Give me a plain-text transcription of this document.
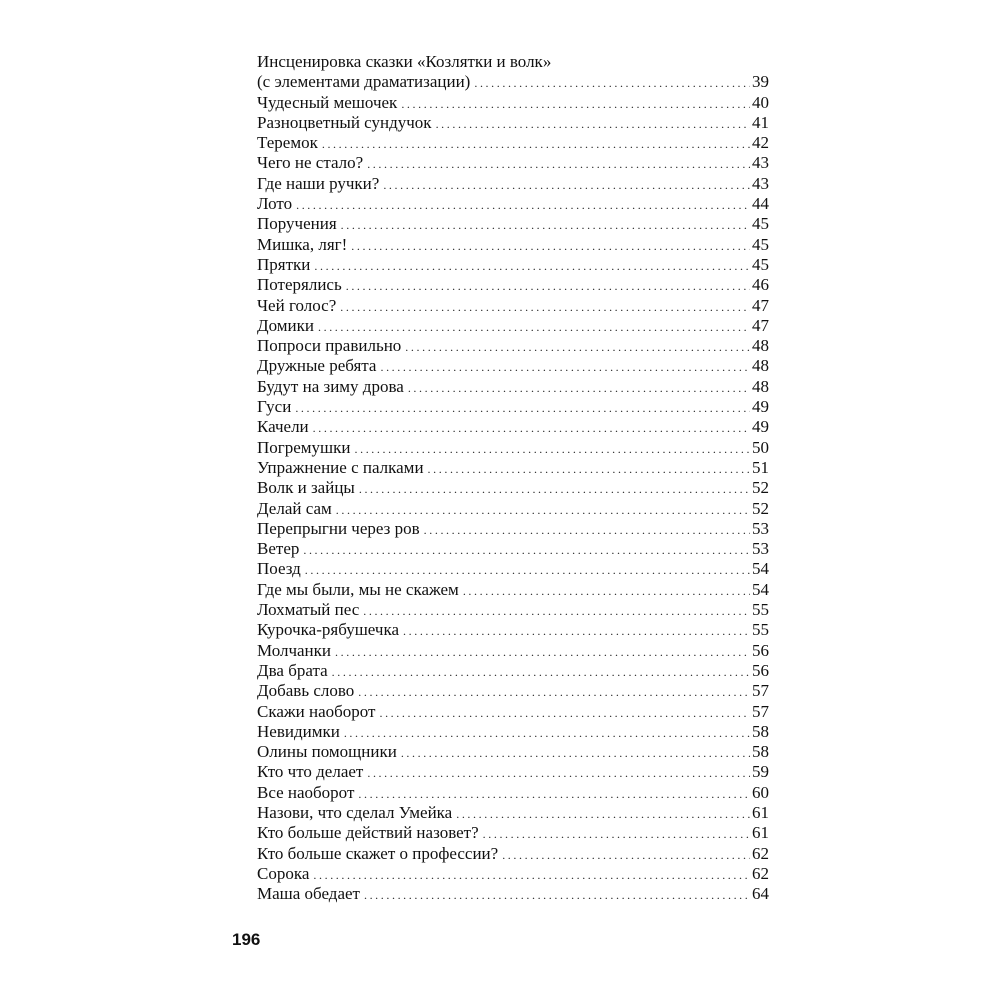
Инсценировка сказки «Козлятки и волк»
(с элементами драматизации) .....	39
Чудесный мешочек .....	40
Разноцветный сундучок .....	41
Теремок .....	42
Чего не стало? .....	43
Где наши ручки? .....	43
Лото .....	44
Поручения .....	45
Мишка, ляг! .....	45
Прятки .....	45
Потерялись .....	46
Чей голос? .....	47
Домики .....	47
Попроси правильно .....	48
Дружные ребята .....	48
Будут на зиму дрова .....	48
Гуси .....	49
Качели .....	49
Погремушки .....	50
Упражнение с палками .....	51
Волк и зайцы .....	52
Делай сам .....	52
Перепрыгни через ров .....	53
Ветер .....	53
Поезд .....	54
Где мы были, мы не скажем .....	54
Лохматый пес .....	55
Курочка-рябушечка .....	55
Молчанки .....	56
Два брата .....	56
Добавь слово .....	57
Скажи наоборот .....	57
Невидимки .....	58
Олины помощники .....	58
Кто что делает .....	59
Все наоборот .....	60
Назови, что сделал Умейка .....	61
Кто больше действий назовет? .....	61
Кто больше скажет о профессии? .....	62
Сорока .....	62
Маша обедает .....	64
196
